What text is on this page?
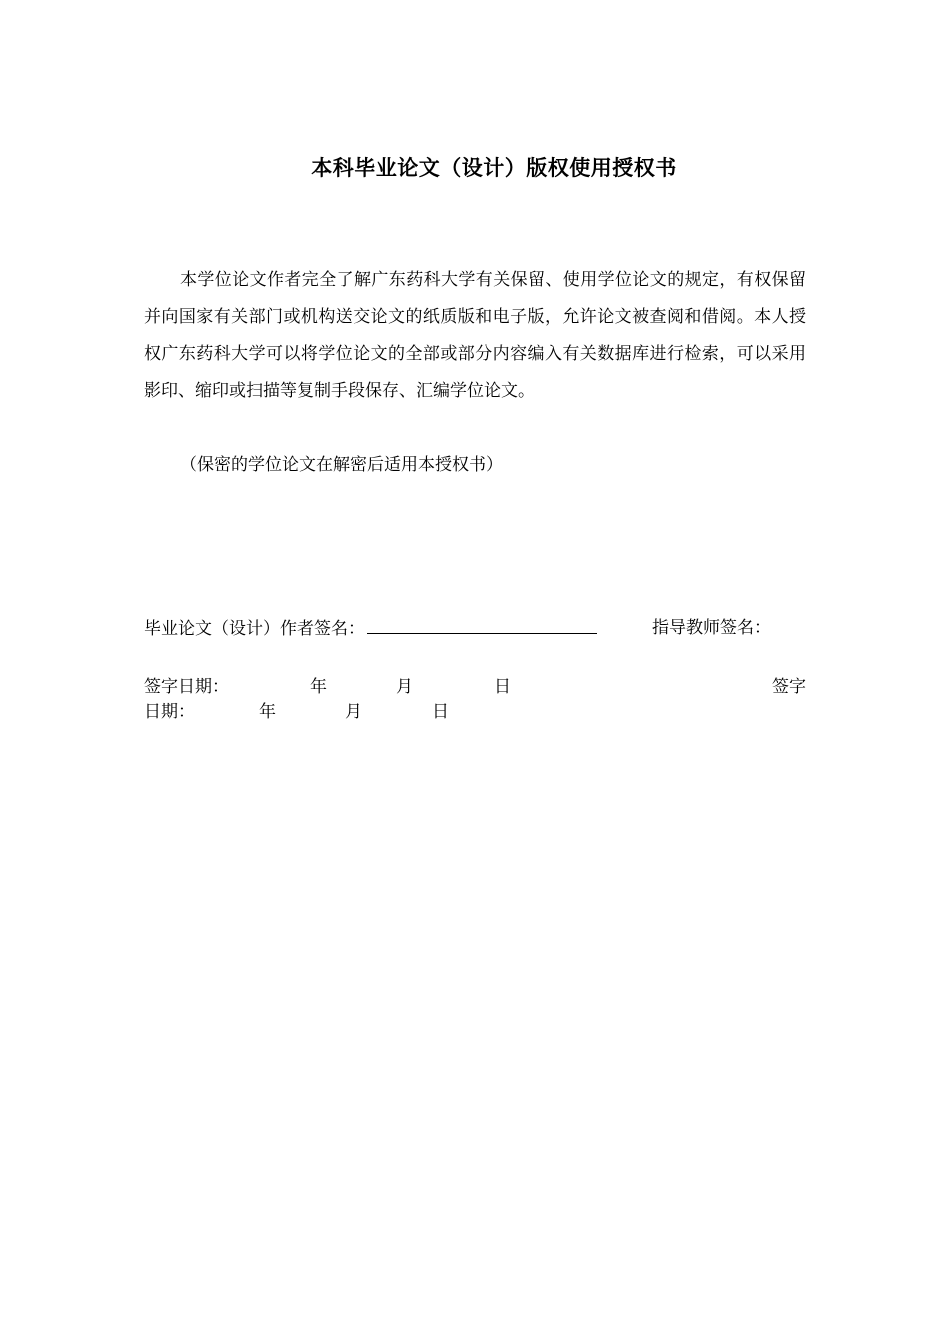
本科毕业论文（设计）版权使用授权书

本学位论文作者完全了解广东药科大学有关保留、使用学位论文的规定，有权保留并向国家有关部门或机构送交论文的纸质版和电子版，允许论文被查阅和借阅。本人授权广东药科大学可以将学位论文的全部或部分内容编入有关数据库进行检索，可以采用影印、缩印或扫描等复制手段保存、汇编学位论文。

（保密的学位论文在解密后适用本授权书）
毕业论文（设计）作者签名：	指导教师签名：
签字日期：	年	月	日	签字
日期：	年	月	日
